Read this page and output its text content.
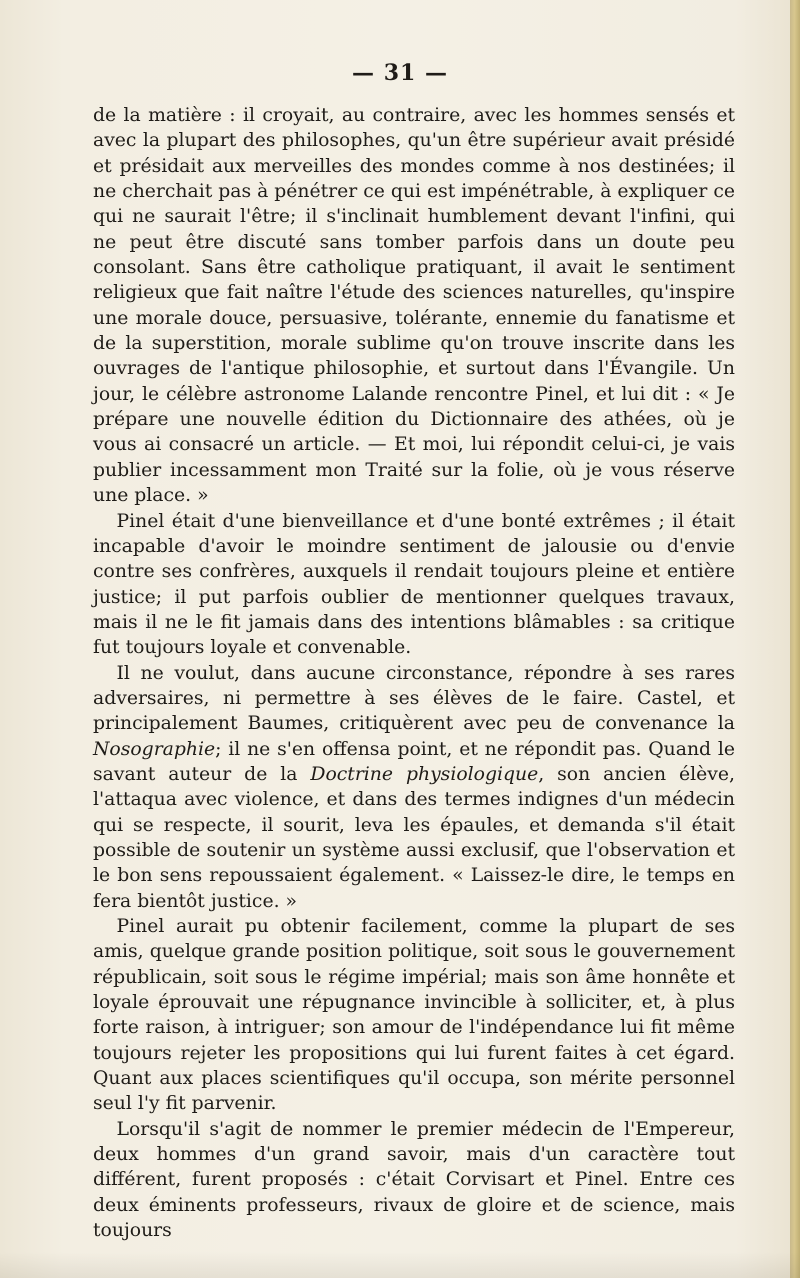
— 31 —

de la matière : il croyait, au contraire, avec les hommes sensés et avec la plupart des philosophes, qu'un être supérieur avait présidé et présidait aux merveilles des mondes comme à nos destinées; il ne cherchait pas à pénétrer ce qui est impénétrable, à expliquer ce qui ne saurait l'être; il s'inclinait humblement devant l'infini, qui ne peut être discuté sans tomber parfois dans un doute peu consolant. Sans être catholique pratiquant, il avait le sentiment religieux que fait naître l'étude des sciences naturelles, qu'inspire une morale douce, persuasive, tolérante, ennemie du fanatisme et de la superstition, morale sublime qu'on trouve inscrite dans les ouvrages de l'antique philosophie, et surtout dans l'Évangile. Un jour, le célèbre astronome Lalande rencontre Pinel, et lui dit : « Je prépare une nouvelle édition du Dictionnaire des athées, où je vous ai consacré un article. — Et moi, lui répondit celui-ci, je vais publier incessamment mon Traité sur la folie, où je vous réserve une place. »

Pinel était d'une bienveillance et d'une bonté extrêmes ; il était incapable d'avoir le moindre sentiment de jalousie ou d'envie contre ses confrères, auxquels il rendait toujours pleine et entière justice; il put parfois oublier de mentionner quelques travaux, mais il ne le fit jamais dans des intentions blâmables : sa critique fut toujours loyale et convenable.

Il ne voulut, dans aucune circonstance, répondre à ses rares adversaires, ni permettre à ses élèves de le faire. Castel, et principalement Baumes, critiquèrent avec peu de convenance la Nosographie; il ne s'en offensa point, et ne répondit pas. Quand le savant auteur de la Doctrine physiologique, son ancien élève, l'attaqua avec violence, et dans des termes indignes d'un médecin qui se respecte, il sourit, leva les épaules, et demanda s'il était possible de soutenir un système aussi exclusif, que l'observation et le bon sens repoussaient également. « Laissez-le dire, le temps en fera bientôt justice. »

Pinel aurait pu obtenir facilement, comme la plupart de ses amis, quelque grande position politique, soit sous le gouvernement républicain, soit sous le régime impérial; mais son âme honnête et loyale éprouvait une répugnance invincible à solliciter, et, à plus forte raison, à intriguer; son amour de l'indépendance lui fit même toujours rejeter les propositions qui lui furent faites à cet égard. Quant aux places scientifiques qu'il occupa, son mérite personnel seul l'y fit parvenir.

Lorsqu'il s'agit de nommer le premier médecin de l'Empereur, deux hommes d'un grand savoir, mais d'un caractère tout différent, furent proposés : c'était Corvisart et Pinel. Entre ces deux éminents professeurs, rivaux de gloire et de science, mais toujours
